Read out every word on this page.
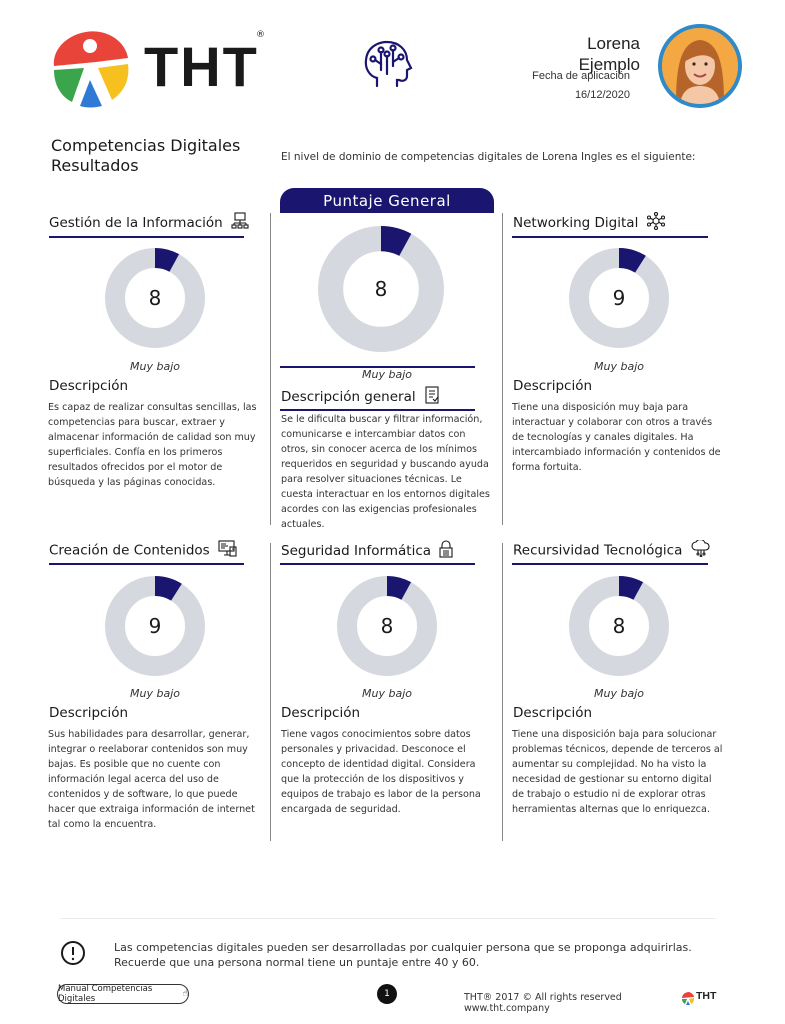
THT
®	Lorena
Ejemplo
Fecha de aplicación
16/12/2020
Competencias Digitales Resultados	El nivel de dominio de competencias digitales de Lorena Ingles es el siguiente:
Puntaje General
8
Muy bajo
Descripción general
Se le dificulta buscar y filtrar información, comunicarse e intercambiar datos con otros, sin conocer acerca de los mínimos requeridos en seguridad y buscando ayuda para resolver situaciones técnicas. Le cuesta interactuar en los entornos digitales acordes con las exigencias profesionales actuales.
Gestión de la Información
8
Muy bajo
Descripción
Es capaz de realizar consultas sencillas, las competencias para buscar, extraer y almacenar información de calidad son muy superficiales. Confía en los primeros resultados ofrecidos por el motor de búsqueda y las páginas conocidas.
Networking Digital
9
Muy bajo
Descripción
Tiene una disposición muy baja para interactuar y colaborar con otros a través de tecnologías y canales digitales. Ha intercambiado información y contenidos de forma fortuita.
Creación de Contenidos
9
Muy bajo
Descripción
Sus habilidades para desarrollar, generar, integrar o reelaborar contenidos son muy bajas. Es posible que no cuente con información legal acerca del uso de contenidos y de software, lo que puede hacer que extraiga información de internet tal como la encuentra.
Seguridad Informática
8
Muy bajo
Descripción
Tiene vagos conocimientos sobre datos personales y privacidad. Desconoce el concepto de identidad digital. Considera que la protección de los dispositivos y equipos de trabajo es labor de la persona encargada de seguridad.
Recursividad Tecnológica
8
Muy bajo
Descripción
Tiene una disposición baja para solucionar problemas técnicos, depende de terceros al aumentar su complejidad. No ha visto la necesidad de gestionar su entorno digital de trabajo o estudio ni de explorar otras herramientas alternas que lo enriquezca.
Las competencias digitales pueden ser desarrolladas por cualquier persona que se proponga adquirirlas. Recuerde que una persona normal tiene un puntaje entre 40 y 60.
Manual Competencias Digitales	☝	1	THT® 2017 © All rights reserved www.tht.company
THT
